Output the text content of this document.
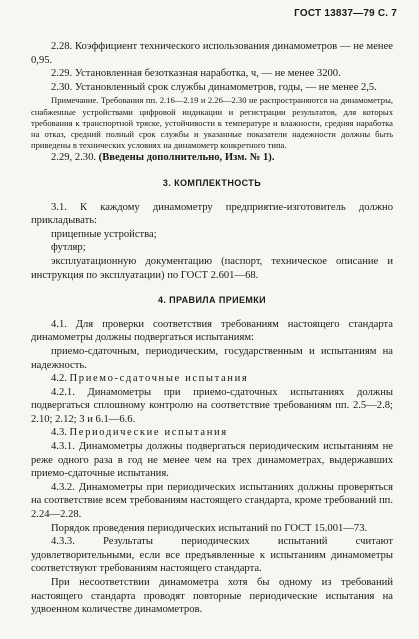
ГОСТ 13837—79 С. 7

2.28. Коэффициент технического использования динамометров — не менее 0,95.

2.29. Установленная безотказная наработка, ч, — не менее 3200.

2.30. Установленный срок службы динамометров, годы, — не менее 2,5.

Примечание. Требования пп. 2.16—2.19 и 2.26—2.30 не распространяются на динамометры, снабженные устройствами цифровой индикации и регистрации результатов, для которых требования к транспортной тряске, устойчивости к температуре и влажности, средняя наработка на отказ, средний полный срок службы и указанные показатели надежности должны быть приведены в технических условиях на динамометр конкретного типа.

2.29, 2.30. (Введены дополнительно, Изм. № 1).

3. КОМПЛЕКТНОСТЬ

3.1. К каждому динамометру предприятие-изготовитель должно прикладывать:

прицепные устройства;

футляр;

эксплуатационную документацию (паспорт, техническое описание и инструкция по эксплуатации) по ГОСТ 2.601—68.

4. ПРАВИЛА ПРИЕМКИ

4.1. Для проверки соответствия требованиям настоящего стандарта динамометры должны подвергаться испытаниям:

приемо-сдаточным, периодическим, государственным и испытаниям на надежность.

4.2. Приемо-сдаточные испытания

4.2.1. Динамометры при приемо-сдаточных испытаниях должны подвергаться сплошному контролю на соответствие требованиям пп. 2.5—2.8; 2.10; 2.12; 3 и 6.1—6.6.

4.3. Периодические испытания

4.3.1. Динамометры должны подвергаться периодическим испытаниям не реже одного раза в год не менее чем на трех динамометрах, выдержавших приемо-сдаточные испытания.

4.3.2. Динамометры при периодических испытаниях должны проверяться на соответствие всем требованиям настоящего стандарта, кроме требований пп. 2.24—2.28.

Порядок проведения периодических испытаний по ГОСТ 15.001—73.

4.3.3. Результаты периодических испытаний считают удовлетворительными, если все предъявленные к испытаниям динамометры соответствуют требованиям настоящего стандарта.

При несоответствии динамометра хотя бы одному из требований настоящего стандарта проводят повторные периодические испытания на удвоенном количестве динамометров.
